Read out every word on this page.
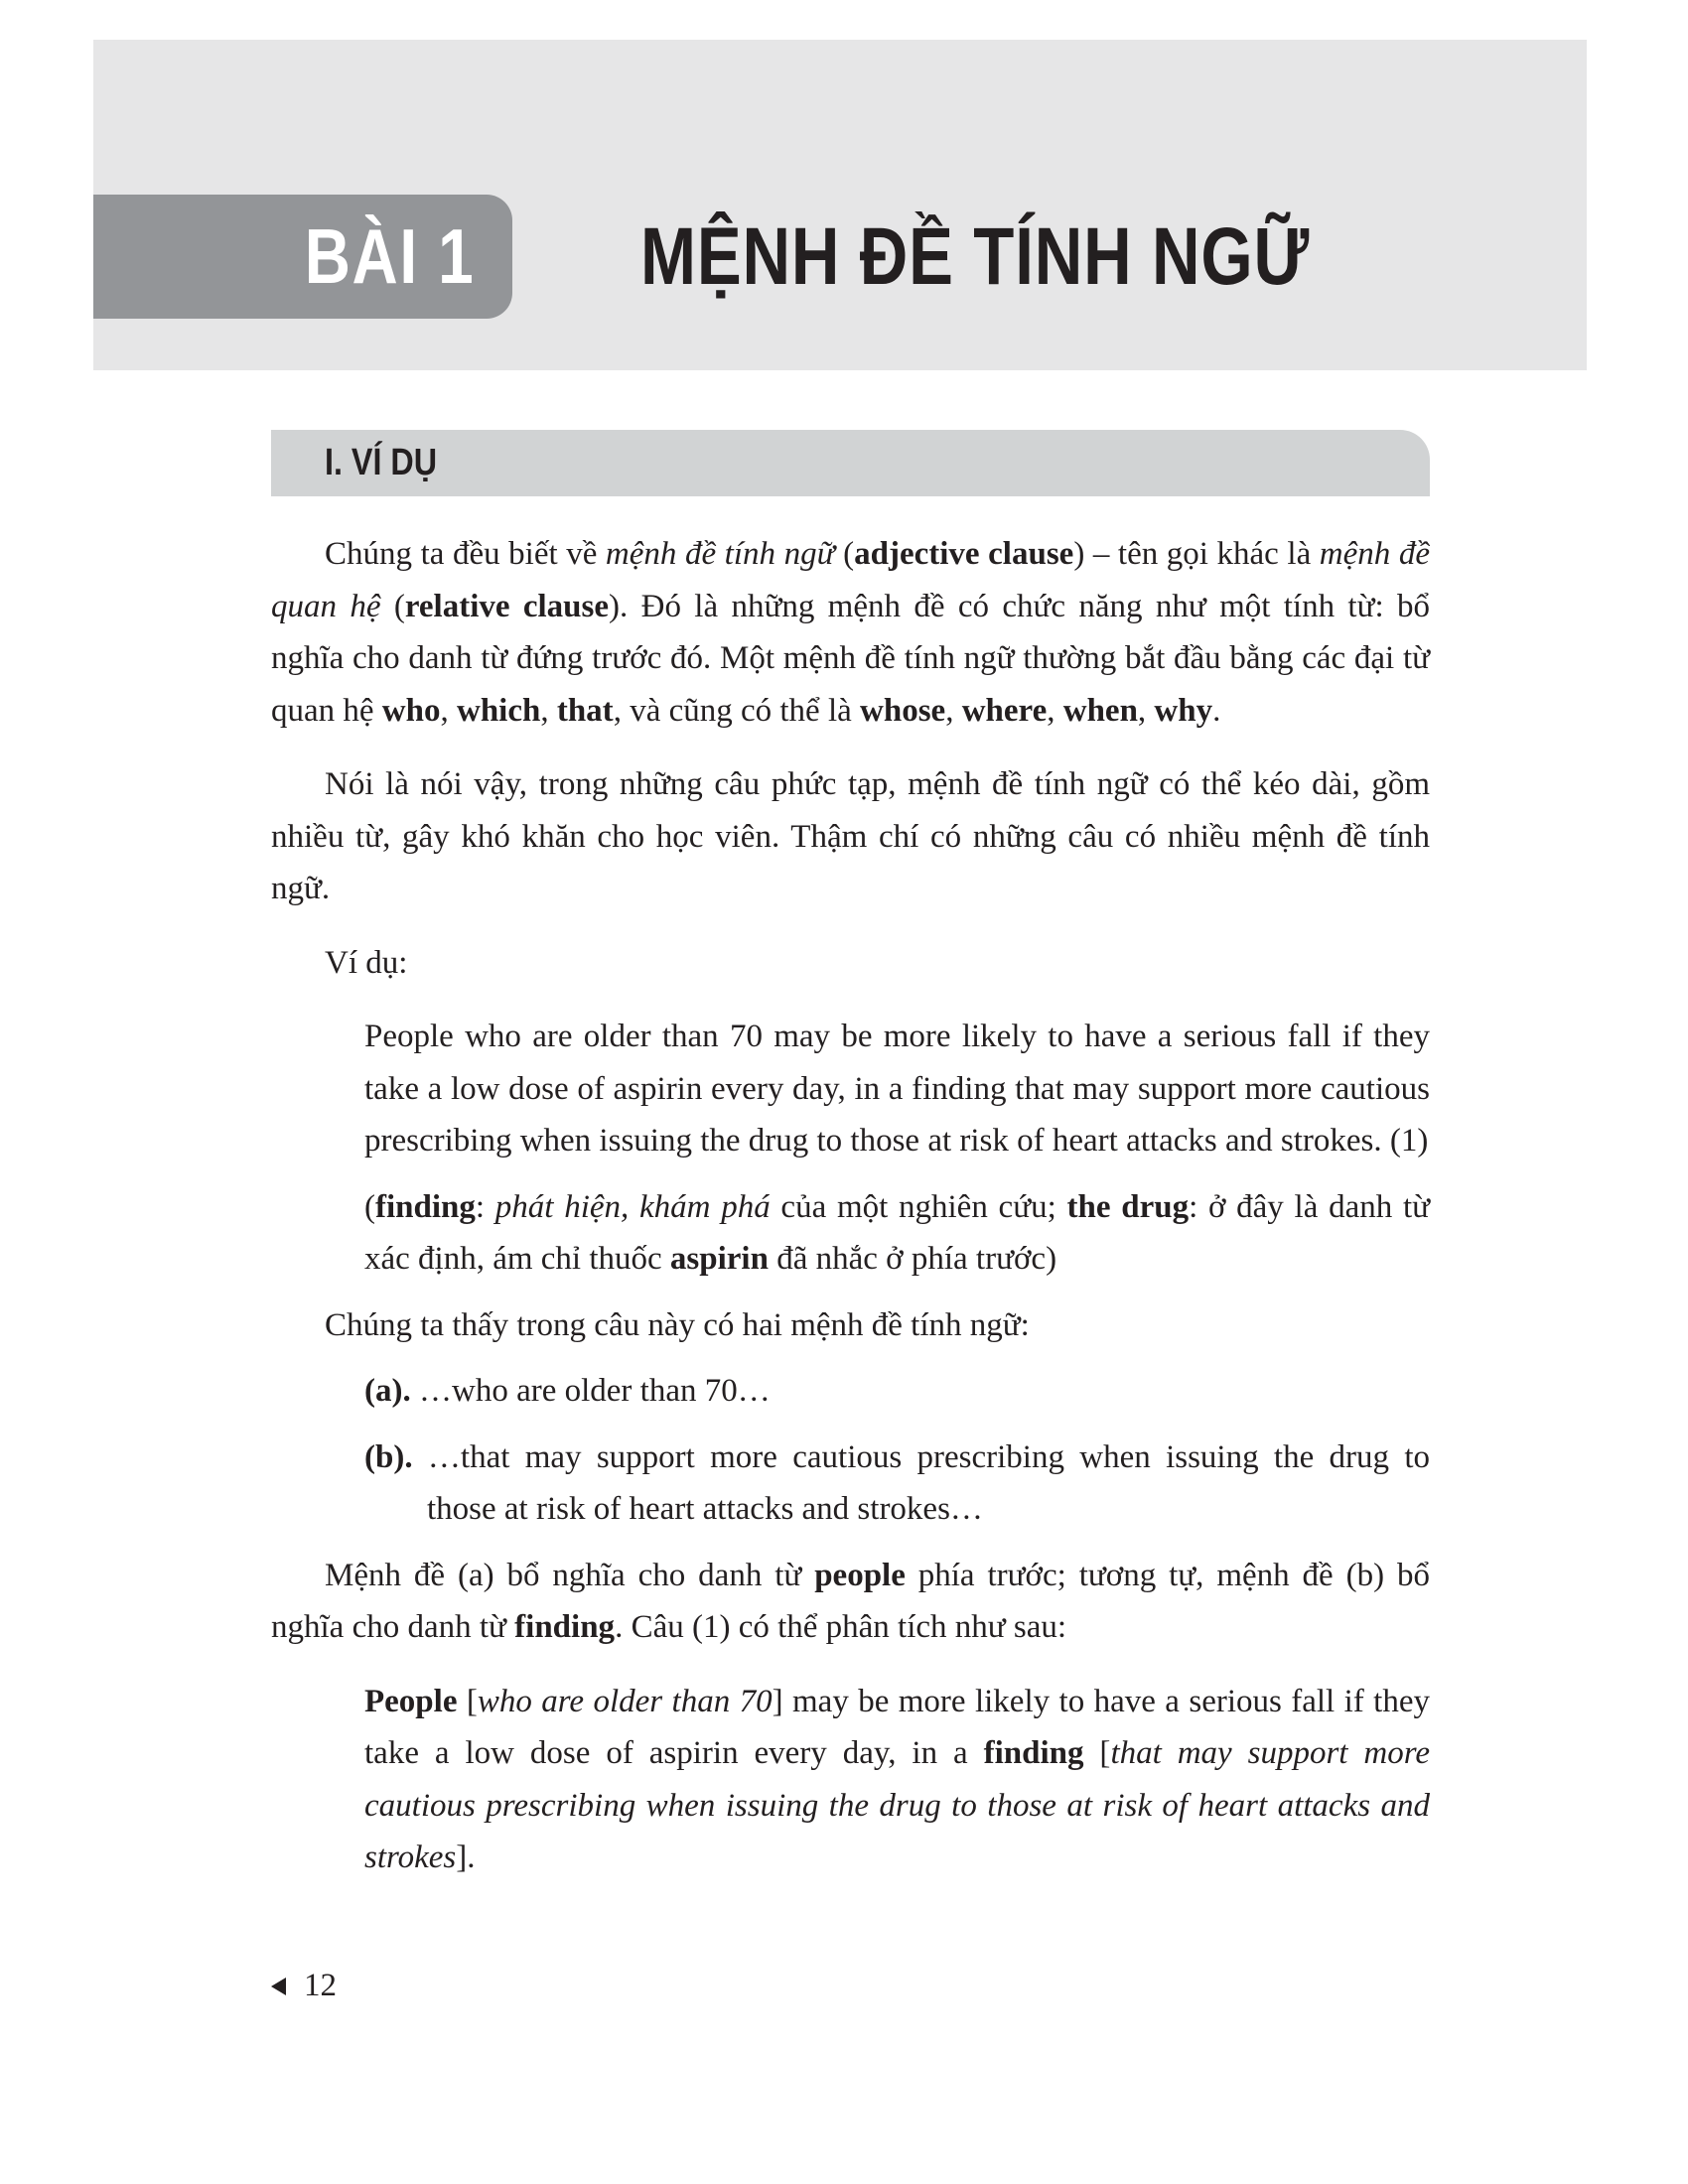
BÀI 1 MỆNH ĐỀ TÍNH NGỮ
I. VÍ DỤ

Chúng ta đều biết về mệnh đề tính ngữ (adjective clause) – tên gọi khác là mệnh đề quan hệ (relative clause). Đó là những mệnh đề có chức năng như một tính từ: bổ nghĩa cho danh từ đứng trước đó. Một mệnh đề tính ngữ thường bắt đầu bằng các đại từ quan hệ who, which, that, và cũng có thể là whose, where, when, why.

Nói là nói vậy, trong những câu phức tạp, mệnh đề tính ngữ có thể kéo dài, gồm nhiều từ, gây khó khăn cho học viên. Thậm chí có những câu có nhiều mệnh đề tính ngữ.

Ví dụ:

People who are older than 70 may be more likely to have a serious fall if they take a low dose of aspirin every day, in a finding that may support more cautious prescribing when issuing the drug to those at risk of heart attacks and strokes. (1)

(finding: phát hiện, khám phá của một nghiên cứu; the drug: ở đây là danh từ xác định, ám chỉ thuốc aspirin đã nhắc ở phía trước)

Chúng ta thấy trong câu này có hai mệnh đề tính ngữ:

(a). …who are older than 70…

(b). …that may support more cautious prescribing when issuing the drug to those at risk of heart attacks and strokes…

Mệnh đề (a) bổ nghĩa cho danh từ people phía trước; tương tự, mệnh đề (b) bổ nghĩa cho danh từ finding. Câu (1) có thể phân tích như sau:

People [who are older than 70] may be more likely to have a serious fall if they take a low dose of aspirin every day, in a finding [that may support more cautious prescribing when issuing the drug to those at risk of heart attacks and strokes].

12
